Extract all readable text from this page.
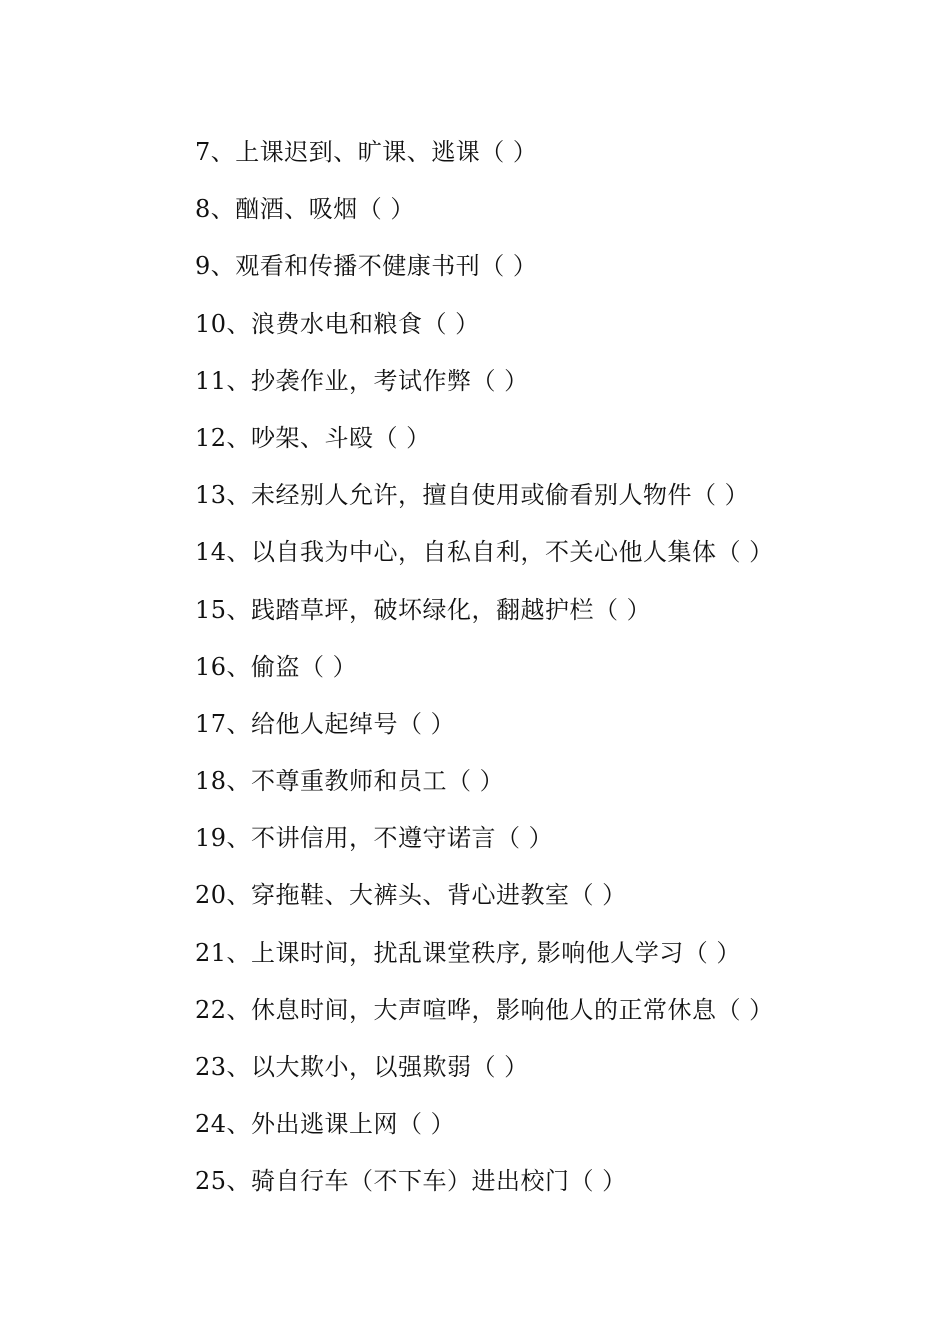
7、上课迟到、旷课、逃课（ ）
8、酗酒、吸烟（ ）
9、观看和传播不健康书刊（ ）
10、浪费水电和粮食（ ）
11、抄袭作业，考试作弊（ ）
12、吵架、斗殴（ ）
13、未经别人允许，擅自使用或偷看别人物件（ ）
14、以自我为中心，自私自利，不关心他人集体（ ）
15、践踏草坪，破坏绿化，翻越护栏（ ）
16、偷盗（ ）
17、给他人起绰号（ ）
18、不尊重教师和员工（ ）
19、不讲信用，不遵守诺言（ ）
20、穿拖鞋、大裤头、背心进教室（ ）
21、上课时间，扰乱课堂秩序, 影响他人学习（ ）
22、休息时间，大声喧哗，影响他人的正常休息（ ）
23、以大欺小，以强欺弱（ ）
24、外出逃课上网（ ）
25、骑自行车（不下车）进出校门（ ）
